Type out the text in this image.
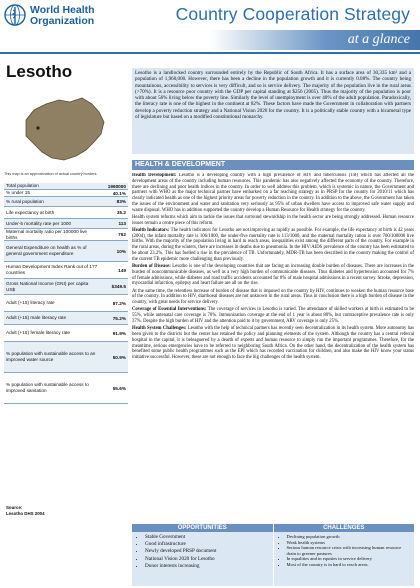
World Health
Organization	Country Cooperation Strategy
at a glance
Lesotho
This map is an approximation of actual country borders.

Lesotho is a landlocked country surrounded entirely by the Republic of South Africa. It has a surface area of 30,335 km² and a population of 1,960,000. However, there has been a decline in the population growth and it is currently 0.08%. The country being mountainous, accessibility to services is very difficult, and so is service delivery. The majority of the population live in the rural areas (>70%). It is a resource poor country with the GDP per capital standing at $256 (2005). Thus the majority of the population is poor with about 56% living below the poverty line. Similarly the level of unemployment is over 40% of the adult population. Paradoxically, the literacy rate is one of the highest in the continent at 82%. These factors have made the Government in collaboration with partners develop a poverty reduction strategy and a National Vision 2020 for the country. It is a politically stable country with a bicameral type of legislature but based on a modified constitutional monarchy.

Total population	1960000
% under 15	40.1%
% rural population	83%
Life expectancy at birth	35.2
Under-5 mortality rate per 1000	113
Maternal mortality ratio per 100000 live births	762
General Expenditure on health as % of general government expenditure	10%
Human Development Index Rank out of 177 countries	149
Gross National Income (GNI) per capita US$	$349.5
Adult (+15) literacy rate	87.2%
Adult (+15) male literacy rate	75.2%
Adult (+15) female literacy rate	91.9%
% population with sustainable access to an improved water source	50.9%
% population with sustainable access to improved sanitation	55.6%
Source:
Lesotho DHS 2004
HEALTH & DEVELOPMENT

Health Development: Lesotho is a developing country with a high prevalence of HIV and tuberculosis (TB) which has affected all the development areas of the country including human resources. This pandemic has also negatively affected the economy of the country. Therefore, there are declining and poor health indices in the country. In order to well address this problem, which is systemic in nature, the Government and partners with WHO as the major technical partner have embarked on a far reaching strategy as in PRSP for the country for 2010/11 which has clearly indicated health as one of the highest priority areas for poverty reduction in the country. In addition to the above, the Government has taken the issues of the environment and water and sanitation very seriously as 95% of urban dwellers have access to improved safe water supply and waste disposal. WHO has in addition supported the country develop a Human Resource for Health strategy for the country.

Health system reforms which aim to tackle the issues that surround stewardship in the health sector are being strongly addressed. Human resource issues remain a centre piece of this reform.

Health Indicators: The health indicators for Lesotho are not improving as rapidly as possible. For example, the life expectancy at birth is 42 years (2004), the infant mortality rate is 106/1000, the under-five mortality rate is 113/1000, and the maternal mortality ration is over 700/100000 live births. With the majority of the population living in hard to reach areas, inequalities exist among the different parts of the country. For example in the rural areas, during the winters, there are increases in deaths due to pneumonia. In the HIV/AIDS prevalence of the country has been estimated to be about 23.2%. This has fuelled a rise in the prevalence of TB. Unfortunately, MDR-TB has been described in the country making the control of the current TB epidemic more challenging than previously.

Burden of Disease: Lesotho is one of the developing countries that are facing an increasing double burden of diseases. There are increases in the burden of noncommunicable diseases, as well as a very high burden of communicable diseases. Thus diabetes and hypertension accounted for 7% of female admissions, while diabetes and road traffic accidents accounted for 8% of male hospital admissions in a recent survey. Stroke, depression, myocardial infarction, epilepsy and heart failure are all on the rise.

At the same time, the relentless increase of burden of disease that is imposed on the country by HIV, continues to weaken the human resource base of the country. In addition to HIV, diarrhoeal diseases are not unknown in the rural areas. Thus in conclusion there is a high burden of disease in the country, with great needs for service delivery.

Coverage of Essential Interventions: The coverage of services in Lesotho is varied. The attendance of skilled workers at birth is estimated to be 55%, while antenatal care coverage is 70%. Immunization coverage at the end of 1 year is about 80%, but contraceptive prevalence rate is only 37%. Despite the high burden of HIV and the attention paid to it by government, ARV coverage is only 25%.

Health System Challenges: Lesotho with the help of technical partners has recently seen decentralization in its health system. More autonomy has been given to the districts but the center has retained the policy and planning elements of the system. Although the country has a central referral hospital in the capital, it is beleaguered by a dearth of experts and human resource to simply run the important programmes. Therefore, for the meantime, serious emergencies have to be referred to neighboring South Africa. On the other hand, the decentralization of the health system has benefited some public health programmes such as the EPI which has recorded vaccination for children, and also make the HIV know your status initiative successful. However, these are not enough to face the big challenges of the health system.

OPPORTUNITIES	CHALLENGES
• Stable Government
• Good infrastructure
• Newly developed PRSP document
• National Vision 2020 for Lesotho
• Donor interests increasing
• Declining population growth
• Weak health systems
• Serious human resource crisis with increasing human resource drain to greener pastures
• In equalities and in equities in service delivery
• Most of the country is in hard to reach areas.
